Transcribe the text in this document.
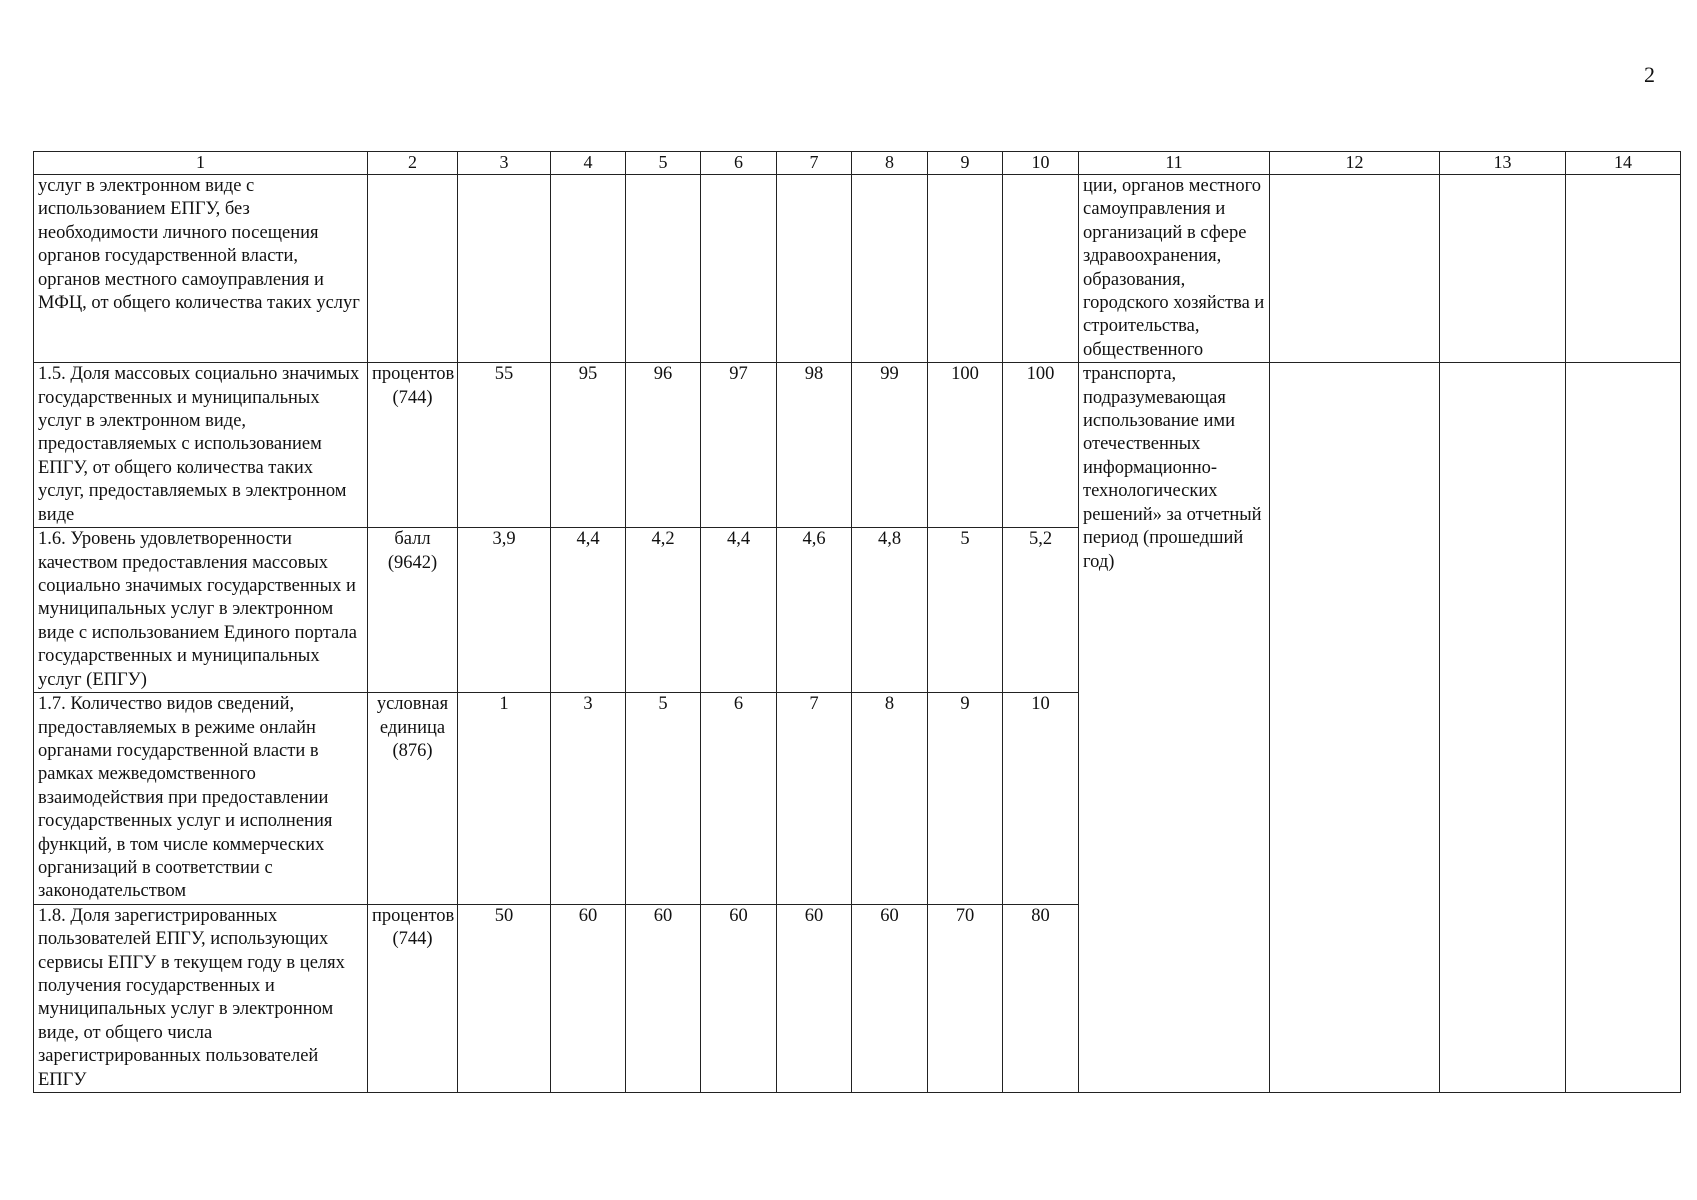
2
1	2	3	4	5	6	7	8	9	10	11	12	13	14
услуг в электронном виде с использованием ЕПГУ, без необходимости личного посещения органов государственной власти, органов местного самоуправления и МФЦ, от общего количества таких услуг										ции, органов местного самоуправления и организаций в сфере здравоохранения, образования, городского хозяйства и строительства, общественного			
1.5. Доля массовых социально значимых государственных и муниципальных услуг в электронном виде, предоставляемых с использованием ЕПГУ, от общего количества таких услуг, предоставляемых в электронном виде	процентов (744)	55	95	96	97	98	99	100	100	транспорта, подразумевающая использование ими отечественных информационно-технологических решений» за отчетный период (прошедший год)			
1.6. Уровень удовлетворенности качеством предоставления массовых социально значимых государственных и муниципальных услуг в электронном виде с использованием Единого портала государственных и муниципальных услуг (ЕПГУ)	балл (9642)	3,9	4,4	4,2	4,4	4,6	4,8	5	5,2				
1.7. Количество видов сведений, предоставляемых в режиме онлайн органами государственной власти в рамках межведомственного взаимодействия при предоставлении государственных услуг и исполнения функций, в том числе коммерческих организаций в соответствии с законодательством	условная единица (876)	1	3	5	6	7	8	9	10				
1.8. Доля зарегистрированных пользователей ЕПГУ, использующих сервисы ЕПГУ в текущем году в целях получения государственных и муниципальных услуг в электронном виде, от общего числа зарегистрированных пользователей ЕПГУ	процентов (744)	50	60	60	60	60	60	70	80				
